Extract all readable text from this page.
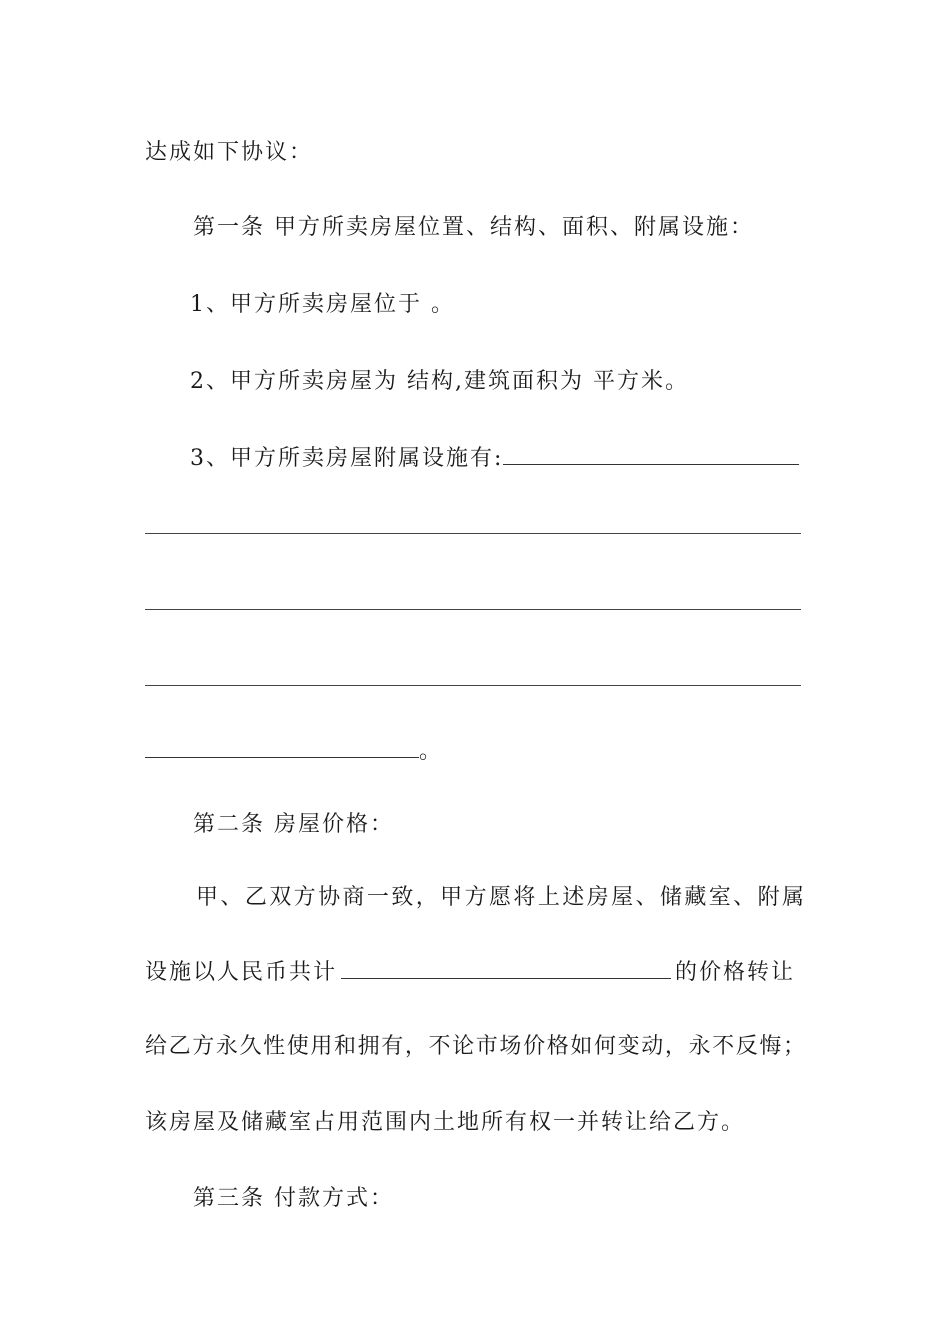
达成如下协议：
第一条 甲方所卖房屋位置、结构、面积、附属设施：
1、甲方所卖房屋位于 。
2、甲方所卖房屋为 结构,建筑面积为 平方米。
3、甲方所卖房屋附属设施有:
。
第二条 房屋价格：
甲、乙双方协商一致，甲方愿将上述房屋、储藏室、附属
设施以人民币共计	的价格转让
给乙方永久性使用和拥有，不论市场价格如何变动，永不反悔；
该房屋及储藏室占用范围内土地所有权一并转让给乙方。
第三条 付款方式：
